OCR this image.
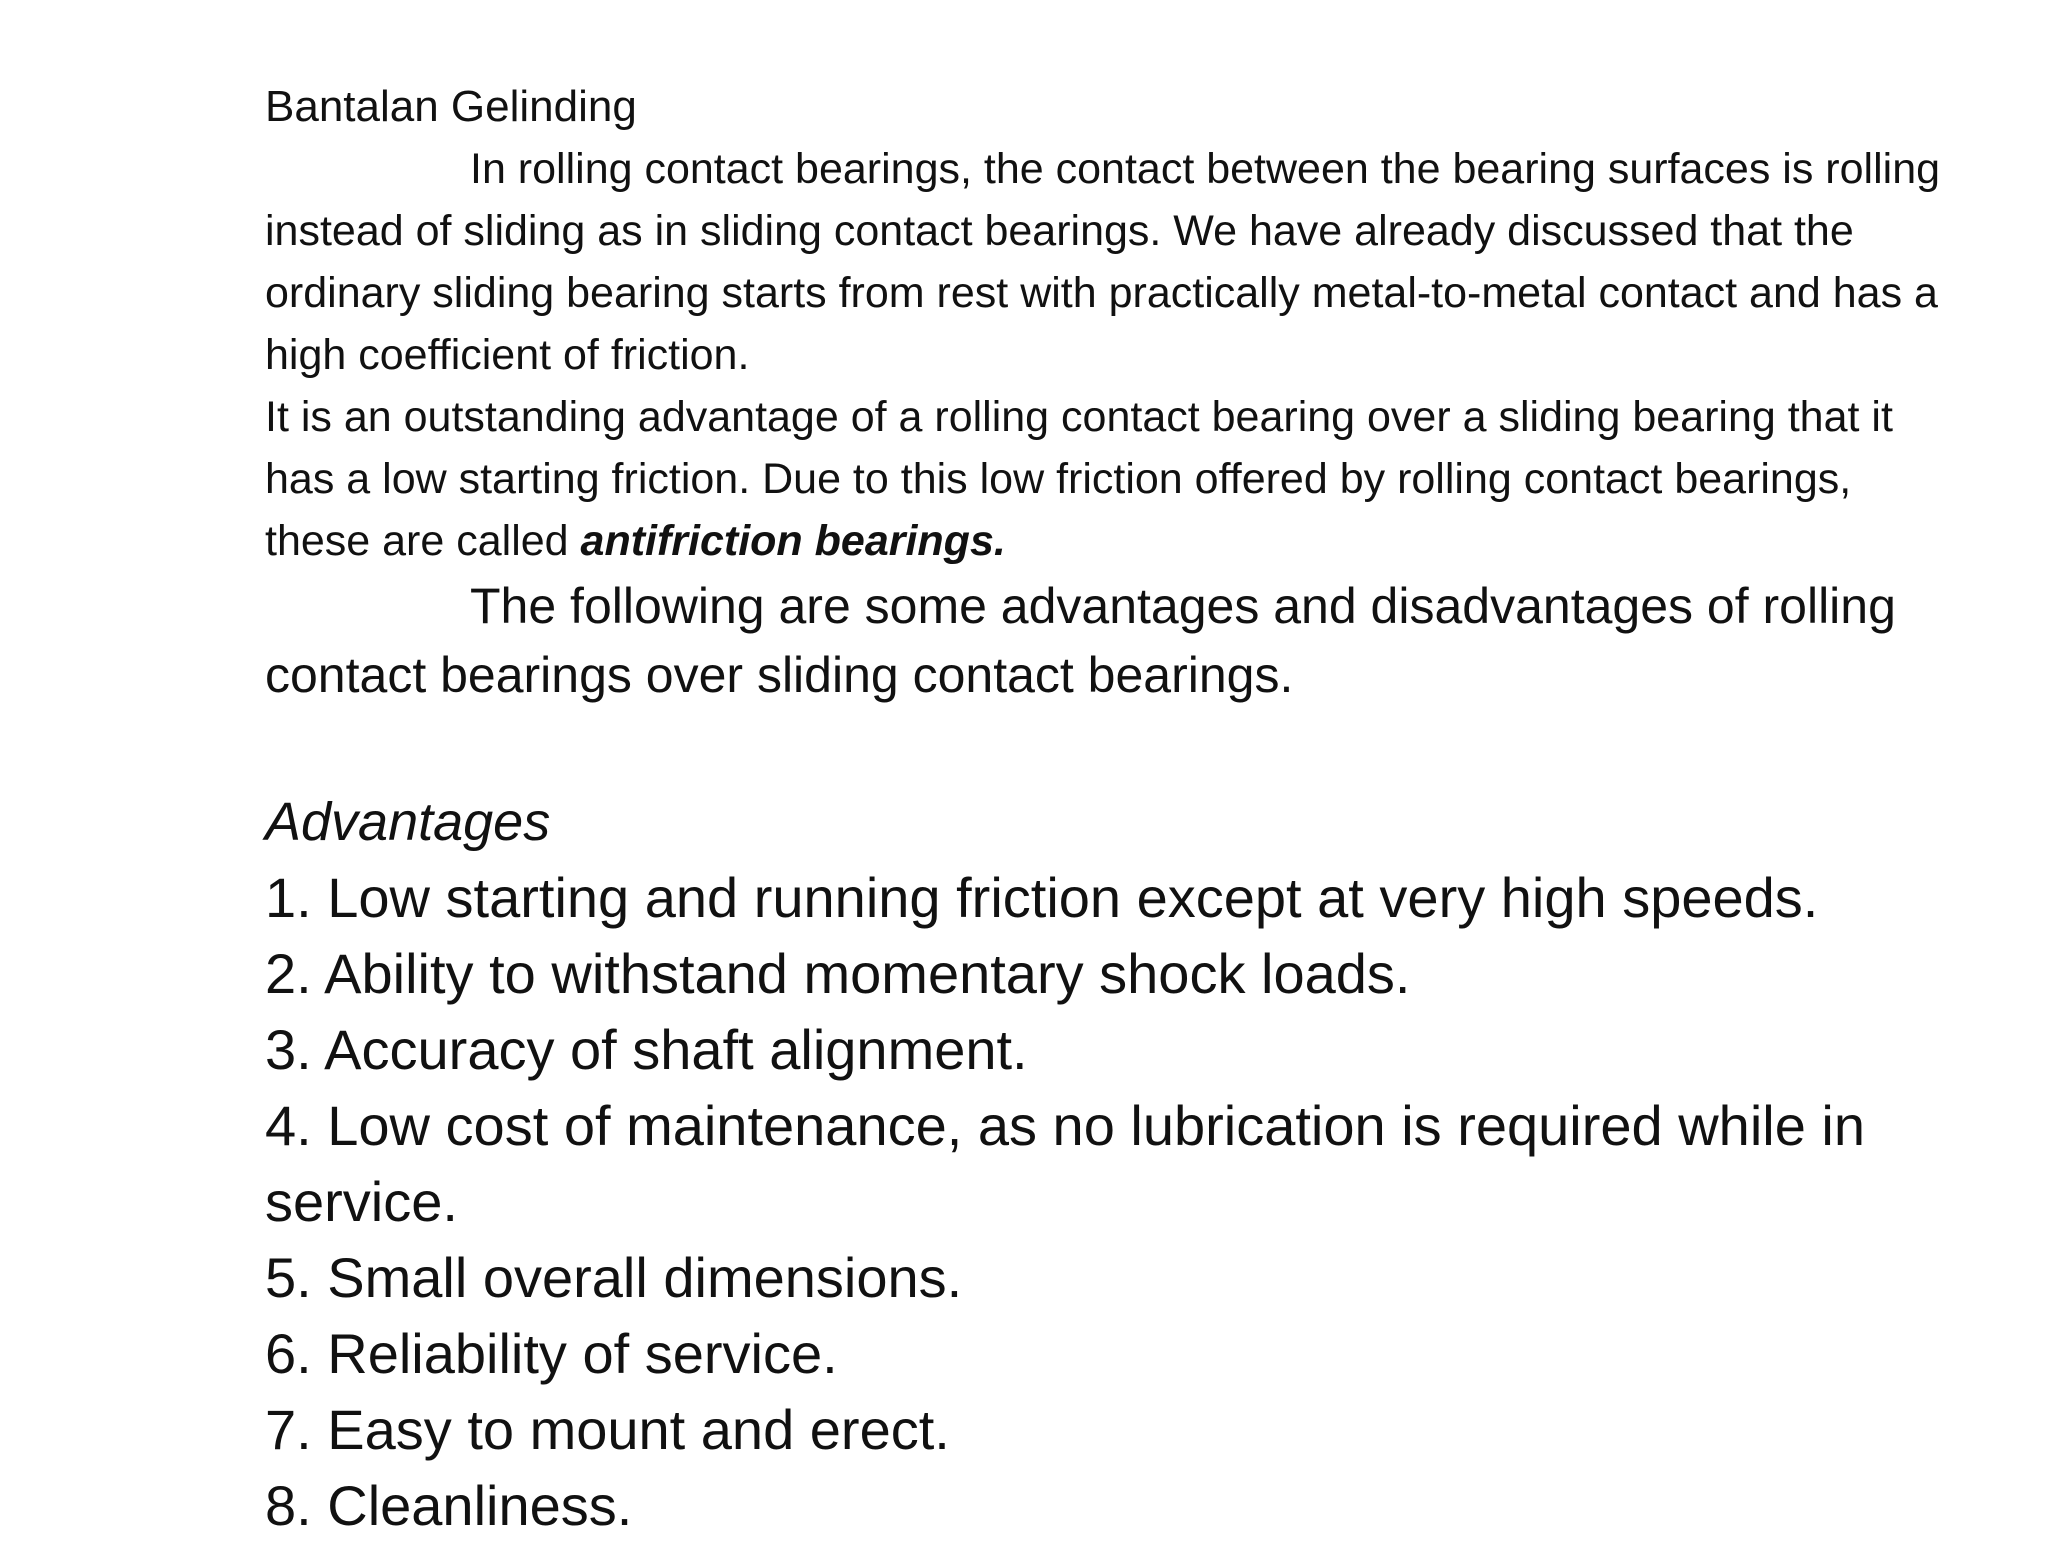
Bantalan Gelinding

In rolling contact bearings, the contact between the bearing surfaces is rolling instead of sliding as in sliding contact bearings. We have already discussed that the ordinary sliding bearing starts from rest with practically metal-to-metal contact and has a high coefficient of friction.

It is an outstanding advantage of a rolling contact bearing over a sliding bearing that it has a low starting friction. Due to this low friction offered by rolling contact bearings, these are called antifriction bearings.

The following are some advantages and disadvantages of rolling contact bearings over sliding contact bearings.

Advantages
1. Low starting and running friction except at very high speeds.
2. Ability to withstand momentary shock loads.
3. Accuracy of shaft alignment.
4. Low cost of maintenance, as no lubrication is required while in service.
5. Small overall dimensions.
6. Reliability of service.
7. Easy to mount and erect.
8. Cleanliness.
